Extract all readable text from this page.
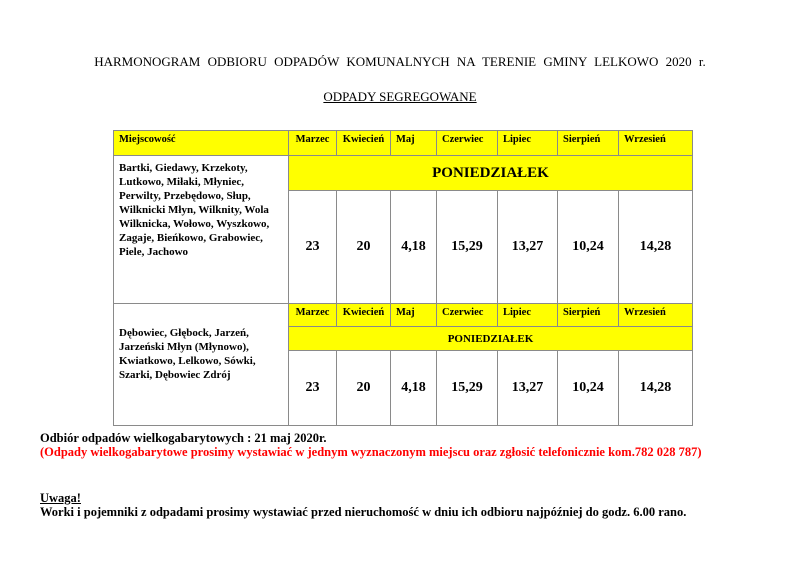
HARMONOGRAM ODBIORU ODPADÓW KOMUNALNYCH NA TERENIE GMINY LELKOWO 2020 r.
ODPADY SEGREGOWANE
Miejscowość	Marzec	Kwiecień	Maj	Czerwiec	Lipiec	Sierpień	Wrzesień
Bartki, Giedawy, Krzekoty, Lutkowo, Miłaki, Młyniec, Perwilty, Przebędowo, Słup, Wilknicki Młyn, Wilknity, Wola Wilknicka, Wołowo, Wyszkowo, Zagaje, Bieńkowo, Grabowiec, Piele, Jachowo
PONIEDZIAŁEK
23	20	4,18	15,29	13,27	10,24	14,28
Dębowiec, Głębock, Jarzeń, Jarzeński Młyn (Młynowo), Kwiatkowo, Lelkowo, Sówki, Szarki, Dębowiec Zdrój
Marzec	Kwiecień	Maj	Czerwiec	Lipiec	Sierpień	Wrzesień
PONIEDZIAŁEK
23	20	4,18	15,29	13,27	10,24	14,28
Odbiór odpadów wielkogabarytowych : 21 maj 2020r.
(Odpady wielkogabarytowe prosimy wystawiać w jednym wyznaczonym miejscu oraz zgłosić telefonicznie kom.782 028 787)
Uwaga!
Worki i pojemniki z odpadami prosimy wystawiać przed nieruchomość w dniu ich odbioru najpóźniej do godz. 6.00 rano.
